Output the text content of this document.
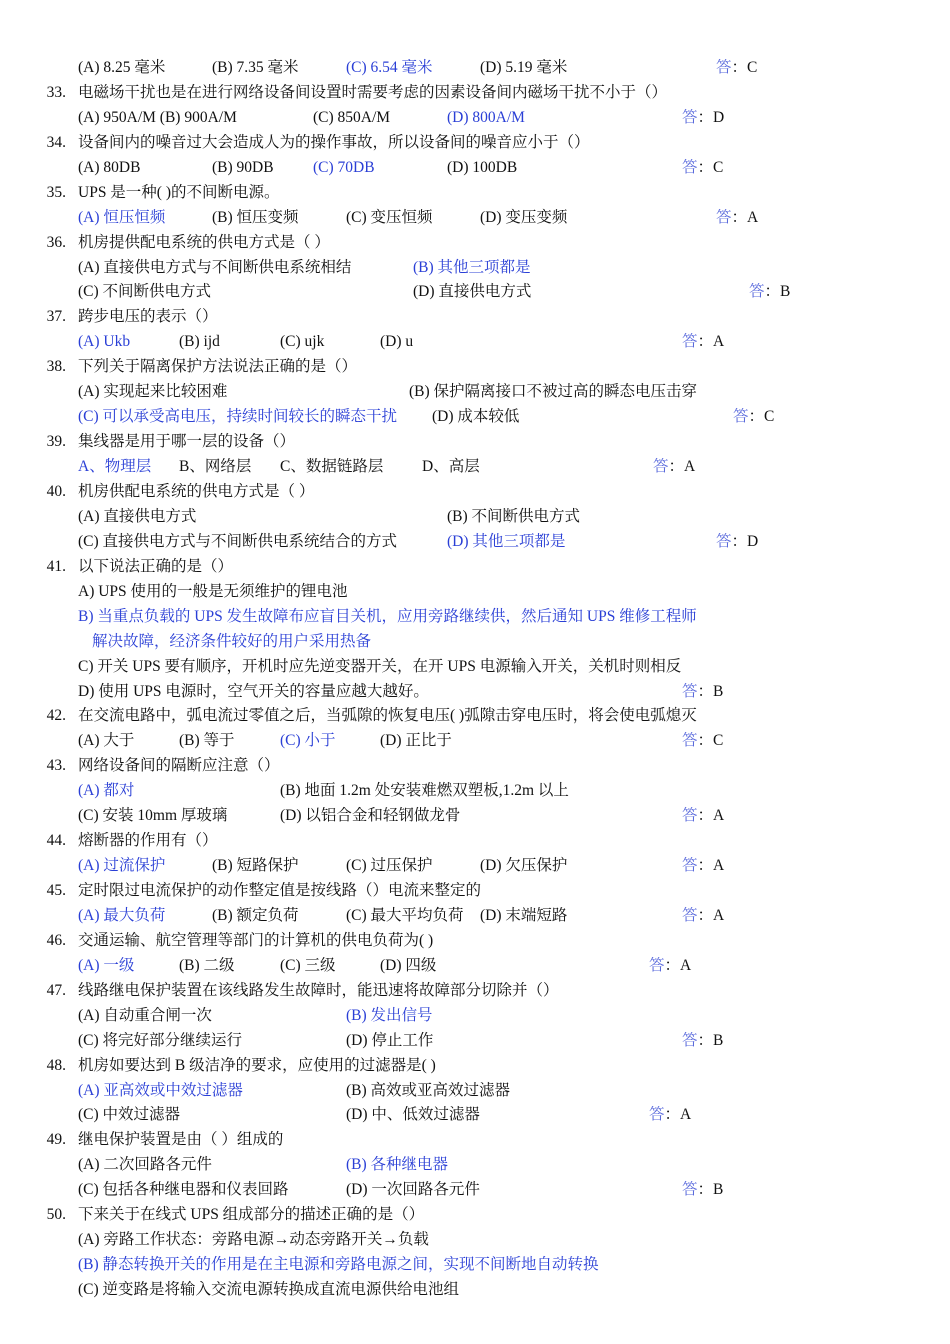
(A) 8.25 毫米	(B) 7.35 毫米	(C) 6.54 毫米	(D) 5.19 毫米	答：C
33. 电磁场干扰也是在进行网络设备间设置时需要考虑的因素设备间内磁场干扰不小于（）
(A) 950A/M (B) 900A/M	(C) 850A/M	(D) 800A/M	答：D
34. 设备间内的噪音过大会造成人为的操作事故，所以设备间的噪音应小于（）
(A) 80DB	(B) 90DB	(C) 70DB	(D) 100DB	答：C
35. UPS 是一种( )的不间断电源。
(A) 恒压恒频	(B) 恒压变频	(C) 变压恒频	(D) 变压变频	答：A
36. 机房提供配电系统的供电方式是（ ）
(A) 直接供电方式与不间断供电系统相结	(B) 其他三项都是
(C) 不间断供电方式	(D) 直接供电方式	答：B
37. 跨步电压的表示（）
(A) Ukb	(B) ijd	(C) ujk	(D) u	答：A
38. 下列关于隔离保护方法说法正确的是（）
(A) 实现起来比较困难	(B) 保护隔离接口不被过高的瞬态电压击穿
(C) 可以承受高电压，持续时间较长的瞬态干扰 (D) 成本较低	答：C
39. 集线器是用于哪一层的设备（）
A、物理层 B、网络层 C、数据链路层 D、高层	答：A
40. 机房供配电系统的供电方式是（ ）
(A) 直接供电方式	(B) 不间断供电方式
(C) 直接供电方式与不间断供电系统结合的方式	(D) 其他三项都是	答：D
41. 以下说法正确的是（）
A) UPS 使用的一般是无须维护的锂电池
B) 当重点负载的 UPS 发生故障布应盲目关机，应用旁路继续供，然后通知 UPS 维修工程师
解决故障，经济条件较好的用户采用热备
C) 开关 UPS 要有顺序，开机时应先逆变器开关，在开 UPS 电源输入开关，关机时则相反
D) 使用 UPS 电源时，空气开关的容量应越大越好。	答：B
42. 在交流电路中，弧电流过零值之后，当弧隙的恢复电压( )弧隙击穿电压时，将会使电弧熄灭
(A) 大于	(B) 等于	(C) 小于	(D) 正比于	答：C
43. 网络设备间的隔断应注意（）
(A) 都对	(B) 地面 1.2m 处安装难燃双塑板,1.2m 以上
(C) 安装 10mm 厚玻璃	(D) 以铝合金和轻钢做龙骨	答：A
44. 熔断器的作用有（）
(A) 过流保护	(B) 短路保护	(C) 过压保护	(D) 欠压保护	答：A
45. 定时限过电流保护的动作整定值是按线路（）电流来整定的
(A) 最大负荷	(B) 额定负荷	(C) 最大平均负荷 (D) 末端短路	答：A
46. 交通运输、航空管理等部门的计算机的供电负荷为( )
(A) 一级	(B) 二级	(C) 三级	(D) 四级	答：A
47. 线路继电保护装置在该线路发生故障时，能迅速将故障部分切除并（）
(A) 自动重合闸一次	(B) 发出信号
(C) 将完好部分继续运行	(D) 停止工作	答：B
48. 机房如要达到 B 级洁净的要求，应使用的过滤器是( )
(A) 亚高效或中效过滤器	(B) 高效或亚高效过滤器
(C) 中效过滤器	(D) 中、低效过滤器	答：A
49. 继电保护装置是由（ ）组成的
(A) 二次回路各元件	(B) 各种继电器
(C) 包括各种继电器和仪表回路	(D) 一次回路各元件	答：B
50. 下来关于在线式 UPS 组成部分的描述正确的是（）
(A) 旁路工作状态：旁路电源→动态旁路开关→负载
(B) 静态转换开关的作用是在主电源和旁路电源之间，实现不间断地自动转换
(C) 逆变路是将输入交流电源转换成直流电源供给电池组
